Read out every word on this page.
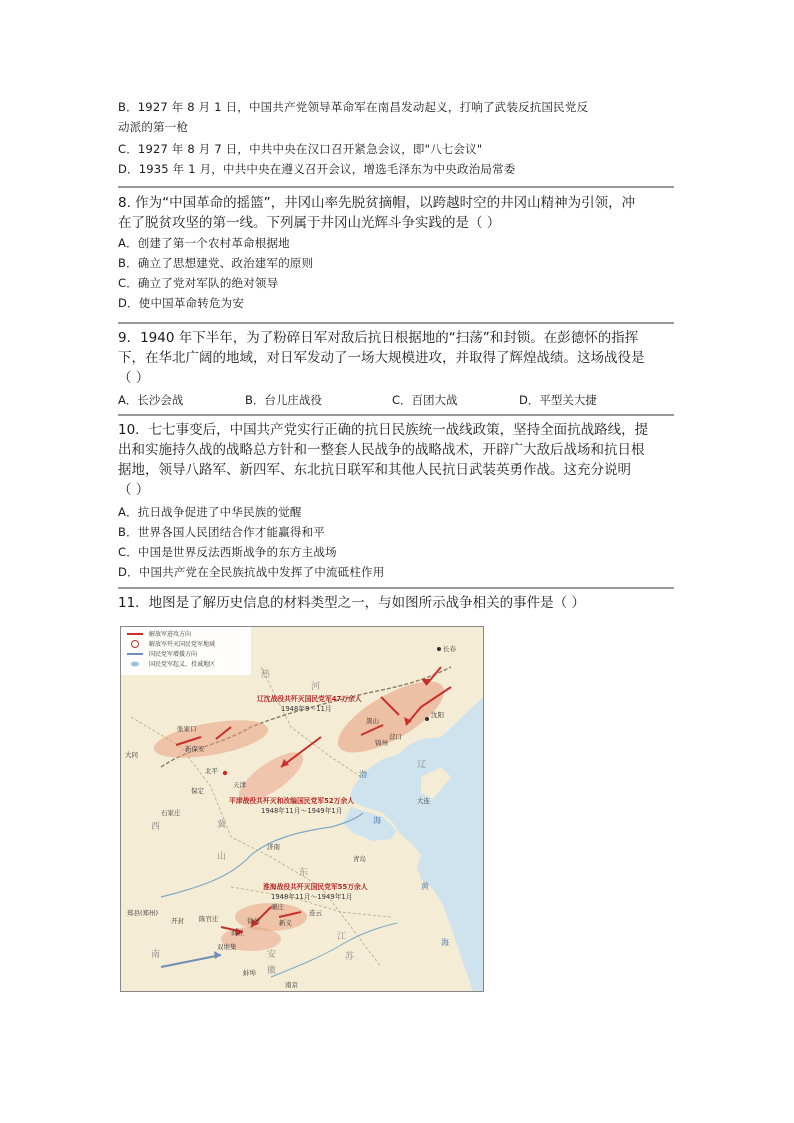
B．1927 年 8 月 1 日，中国共产党领导革命军在南昌发动起义，打响了武装反抗国民党反
动派的第一枪
C．1927 年 8 月 7 日，中共中央在汉口召开紧急会议，即"八七会议"
D．1935 年 1 月，中共中央在遵义召开会议，增选毛泽东为中央政治局常委
8. 作为“中国革命的摇篮”，井冈山率先脱贫摘帽，以跨越时空的井冈山精神为引领，冲
在了脱贫攻坚的第一线。下列属于井冈山光辉斗争实践的是（ ）
A．创建了第一个农村革命根据地
B．确立了思想建党、政治建军的原则
C．确立了党对军队的绝对领导
D．使中国革命转危为安
9．1940 年下半年，为了粉碎日军对敌后抗日根据地的“扫荡”和封锁。在彭德怀的指挥
下，在华北广阔的地域，对日军发动了一场大规模进攻，并取得了辉煌战绩。这场战役是
（ ）
A．长沙会战	B．台儿庄战役	C．百团大战	D．平型关大捷
10．七七事变后，中国共产党实行正确的抗日民族统一战线政策，坚持全面抗战路线，提
出和实施持久战的战略总方针和一整套人民战争的战略战术，开辟广大敌后战场和抗日根
据地，领导八路军、新四军、东北抗日联军和其他人民抗日武装英勇作战。这充分说明
（ ）
A．抗日战争促进了中华民族的觉醒
B．世界各国人民团结合作才能赢得和平
C．中国是世界反法西斯战争的东方主战场
D．中国共产党在全民族抗战中发挥了中流砥柱作用
11．地图是了解历史信息的材料类型之一，与如图所示战争相关的事件是（ ）
解放军进攻方向
解放军歼灭国民党军地域
国民党军增援方向
国民党军起义、投诚地区
辽沈战役共歼灭国民党军47万余人
1948年9～11月
平津战役共歼灭和改编国民党军52万余人
1948年11月～1949年1月
淮海战役共歼灭国民党军55万余人
1948年11月～1949年1月
长春
沈阳
黑山
锦州
营口
张家口
新保安
大同
北平
天津
保定
石家庄
大连
济南
青岛
连云
郑县(郑州)
开封	徐州
商丘
双堆集
蚌埠
南京
陈官庄
碾庄
新义
热
河
辽
冀
山
东
江
苏
安
南
徽
西
渤
海
黄
海
